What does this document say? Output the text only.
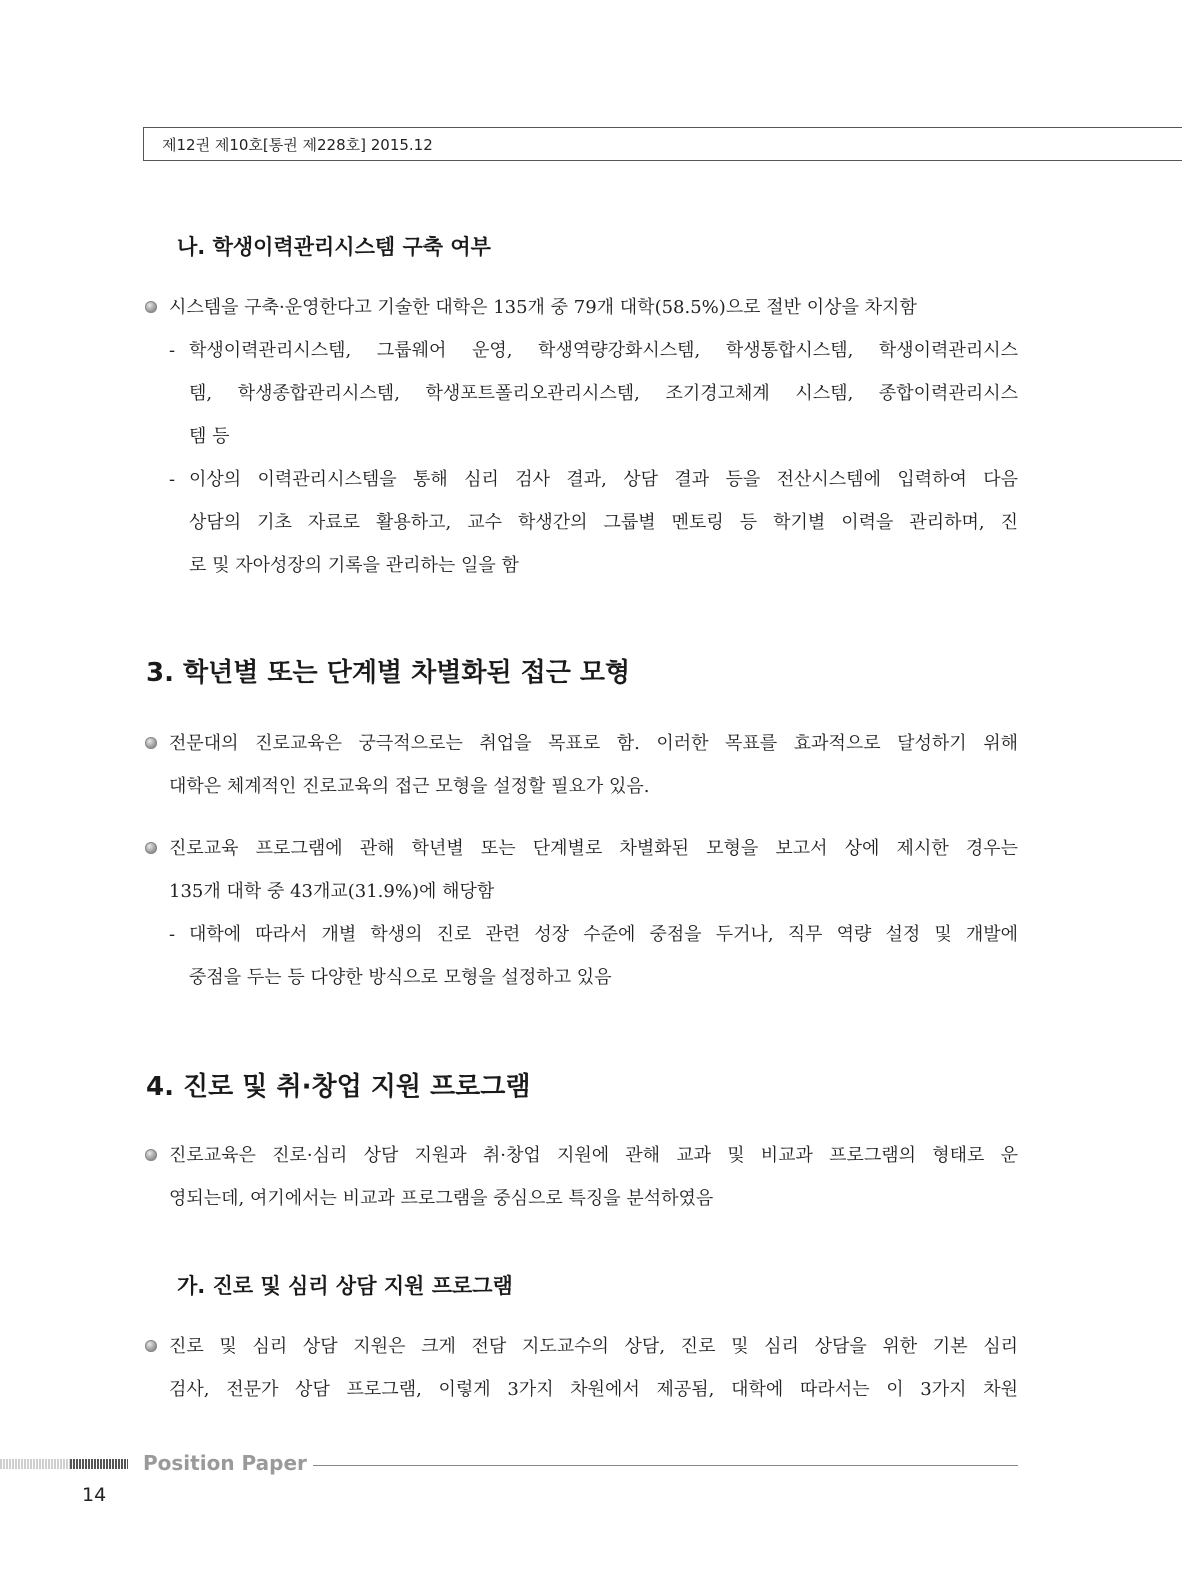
제12권 제10호[통권 제228호] 2015.12
나. 학생이력관리시스템 구축 여부
시스템을 구축·운영한다고 기술한 대학은 135개 중 79개 대학(58.5%)으로 절반 이상을 차지함
- 학생이력관리시스템, 그룹웨어 운영, 학생역량강화시스템, 학생통합시스템, 학생이력관리시스
템, 학생종합관리시스템, 학생포트폴리오관리시스템, 조기경고체계 시스템, 종합이력관리시스
템 등
- 이상의 이력관리시스템을 통해 심리 검사 결과, 상담 결과 등을 전산시스템에 입력하여 다음
상담의 기초 자료로 활용하고, 교수 학생간의 그룹별 멘토링 등 학기별 이력을 관리하며, 진
로 및 자아성장의 기록을 관리하는 일을 함
3. 학년별 또는 단계별 차별화된 접근 모형
전문대의 진로교육은 궁극적으로는 취업을 목표로 함. 이러한 목표를 효과적으로 달성하기 위해
대학은 체계적인 진로교육의 접근 모형을 설정할 필요가 있음.
진로교육 프로그램에 관해 학년별 또는 단계별로 차별화된 모형을 보고서 상에 제시한 경우는
135개 대학 중 43개교(31.9%)에 해당함
- 대학에 따라서 개별 학생의 진로 관련 성장 수준에 중점을 두거나, 직무 역량 설정 및 개발에
중점을 두는 등 다양한 방식으로 모형을 설정하고 있음
4. 진로 및 취·창업 지원 프로그램
진로교육은 진로·심리 상담 지원과 취·창업 지원에 관해 교과 및 비교과 프로그램의 형태로 운
영되는데, 여기에서는 비교과 프로그램을 중심으로 특징을 분석하였음
가. 진로 및 심리 상담 지원 프로그램
진로 및 심리 상담 지원은 크게 전담 지도교수의 상담, 진로 및 심리 상담을 위한 기본 심리
검사, 전문가 상담 프로그램, 이렇게 3가지 차원에서 제공됨, 대학에 따라서는 이 3가지 차원
Position Paper
14
